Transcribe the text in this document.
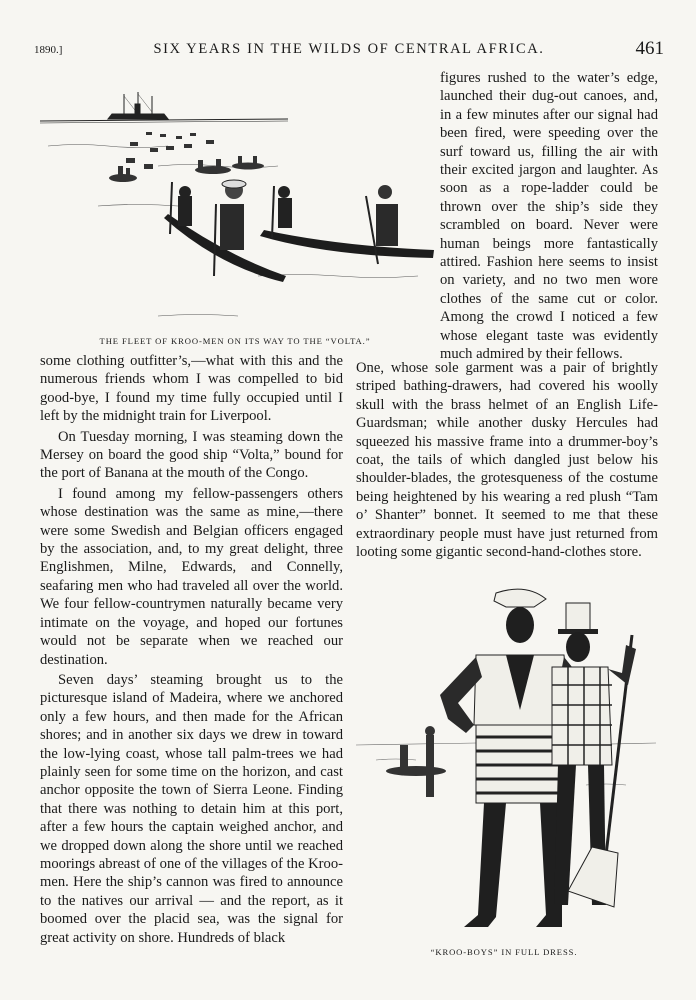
1890.]	SIX YEARS IN THE WILDS OF CENTRAL AFRICA.	461
THE FLEET OF KROO-MEN ON ITS WAY TO THE “VOLTA.”

figures rushed to the water’s edge, launched their dug-out canoes, and, in a few minutes after our signal had been fired, were speeding over the surf toward us, filling the air with their excited jargon and laughter. As soon as a rope-ladder could be thrown over the ship’s side they scrambled on board. Never were human beings more fantastically attired. Fashion here seems to insist on variety, and no two men wore clothes of the same cut or color. Among the crowd I noticed a few whose elegant taste was evidently much admired by their fellows.

One, whose sole garment was a pair of brightly striped bathing-drawers, had covered his woolly skull with the brass helmet of an English Life-Guardsman; while another dusky Hercules had squeezed his massive frame into a drummer-boy’s coat, the tails of which dangled just below his shoulder-blades, the grotesqueness of the costume being heightened by his wearing a red plush “Tam o’ Shanter” bonnet. It seemed to me that these extraordinary people must have just returned from looting some gigantic second-hand-clothes store.

some clothing outfitter’s,—what with this and the numerous friends whom I was compelled to bid good-bye, I found my time fully occupied until I left by the midnight train for Liverpool.

On Tuesday morning, I was steaming down the Mersey on board the good ship “Volta,” bound for the port of Banana at the mouth of the Congo.

I found among my fellow-passengers others whose destination was the same as mine,—there were some Swedish and Belgian officers engaged by the association, and, to my great delight, three Englishmen, Milne, Edwards, and Connelly, seafaring men who had traveled all over the world. We four fellow-countrymen naturally became very intimate on the voyage, and hoped our fortunes would not be separate when we reached our destination.

Seven days’ steaming brought us to the picturesque island of Madeira, where we anchored only a few hours, and then made for the African shores; and in another six days we drew in toward the low-lying coast, whose tall palm-trees we had plainly seen for some time on the horizon, and cast anchor opposite the town of Sierra Leone. Finding that there was nothing to detain him at this port, after a few hours the captain weighed anchor, and we dropped down along the shore until we reached moorings abreast of one of the villages of the Kroo-men. Here the ship’s cannon was fired to announce to the natives our arrival — and the report, as it boomed over the placid sea, was the signal for great activity on shore. Hundreds of black

“KROO-BOYS” IN FULL DRESS.
